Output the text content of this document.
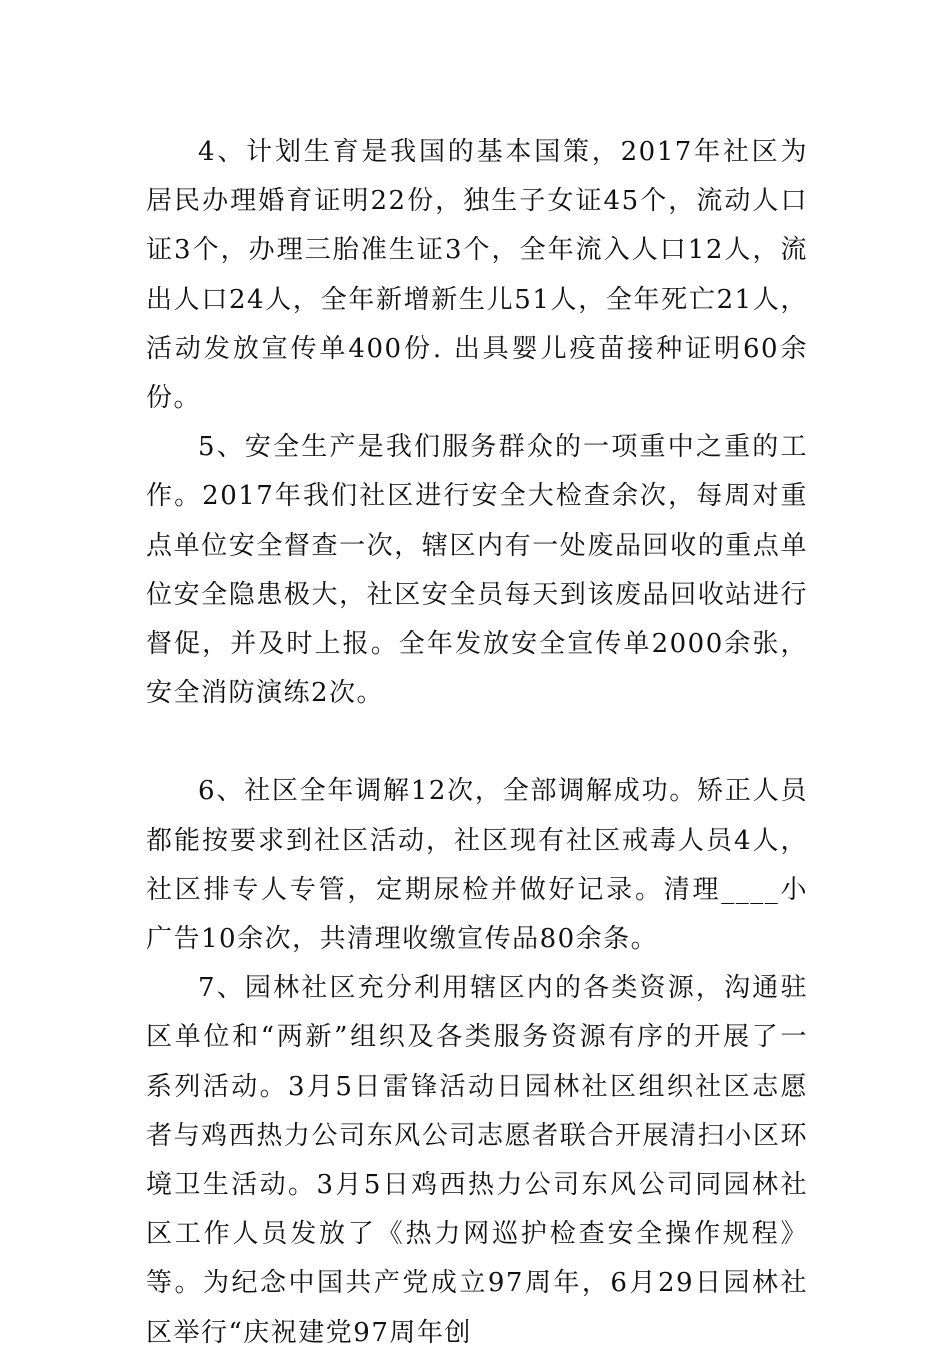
4、计划生育是我国的基本国策，2017年社区为居民办理婚育证明22份，独生子女证45个，流动人口证3个，办理三胎准生证3个，全年流入人口12人，流出人口24人，全年新增新生儿51人，全年死亡21人，活动发放宣传单400份. 出具婴儿疫苗接种证明60余份。

5、安全生产是我们服务群众的一项重中之重的工作。2017年我们社区进行安全大检查余次，每周对重点单位安全督查一次，辖区内有一处废品回收的重点单位安全隐患极大，社区安全员每天到该废品回收站进行督促，并及时上报。全年发放安全宣传单2000余张，安全消防演练2次。

6、社区全年调解12次，全部调解成功。矫正人员都能按要求到社区活动，社区现有社区戒毒人员4人，社区排专人专管，定期尿检并做好记录。清理____小广告10余次，共清理收缴宣传品80余条。

7、园林社区充分利用辖区内的各类资源，沟通驻区单位和“两新”组织及各类服务资源有序的开展了一系列活动。3月5日雷锋活动日园林社区组织社区志愿者与鸡西热力公司东风公司志愿者联合开展清扫小区环境卫生活动。3月5日鸡西热力公司东风公司同园林社区工作人员发放了《热力网巡护检查安全操作规程》等。为纪念中国共产党成立97周年，6月29日园林社区举行“庆祝建党97周年创
